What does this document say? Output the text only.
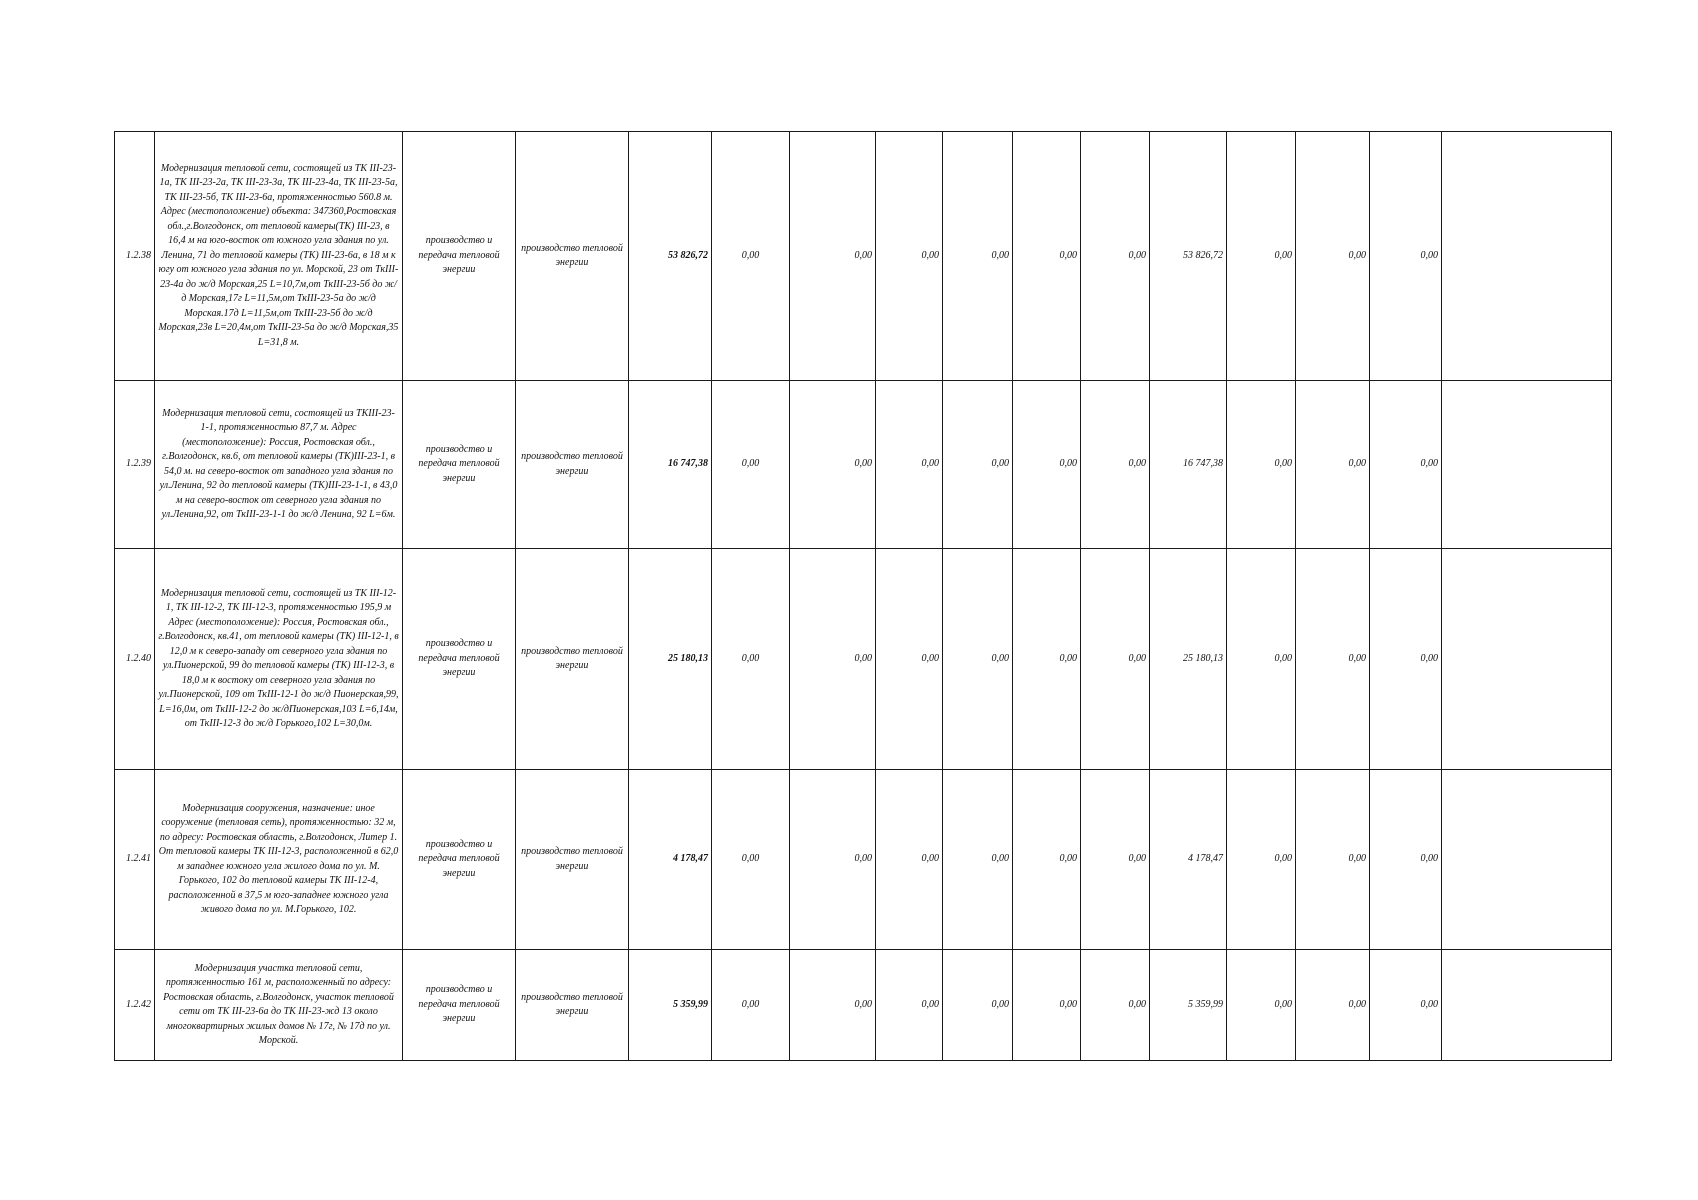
1.2.38	Модернизация тепловой сети, состоящей из ТК III-23-1а, ТК III-23-2а, ТК III-23-3а, ТК III-23-4а, ТК III-23-5а, ТК III-23-5б, ТК III-23-6а, протяженностью 560.8 м. Адрес (местоположение) объекта: 347360,Ростовская обл.,г.Волгодонск, от тепловой камеры(ТК) III-23, в 16,4 м на юго-восток от южного угла здания по ул. Ленина, 71 до тепловой камеры (ТК) III-23-6а, в 18 м к югу от южного угла здания по ул. Морской, 23 от ТкIII-23-4а до ж/д Морская,25 L=10,7м,от ТкIII-23-5б до ж/д Морская,17г L=11,5м,от ТкIII-23-5а до ж/д Морская.17д L=11,5м,от ТкIII-23-5б до ж/д Морская,23в L=20,4м,от ТкIII-23-5а до ж/д Морская,35 L=31,8 м.	производство и передача тепловой энергии	производство тепловой энергии	53 826,72	0,00	0,00	0,00	0,00	0,00	0,00	53 826,72	0,00	0,00	0,00	
1.2.39	Модернизация тепловой сети, состоящей из ТКIII-23-1-1, протяженностью 87,7 м. Адрес (местоположение): Россия, Ростовская обл., г.Волгодонск, кв.6, от тепловой камеры (ТК)III-23-1, в 54,0 м. на северо-восток от западного угла здания по ул.Ленина, 92 до тепловой камеры (ТК)III-23-1-1, в 43,0 м на северо-восток от северного угла здания по ул.Ленина,92, от ТкIII-23-1-1 до ж/д Ленина, 92 L=6м.	производство и передача тепловой энергии	производство тепловой энергии	16 747,38	0,00	0,00	0,00	0,00	0,00	0,00	16 747,38	0,00	0,00	0,00	
1.2.40	Модернизация тепловой сети, состоящей из ТК III-12-1, ТК III-12-2, ТК III-12-3, протяженностью 195,9 м Адрес (местоположение): Россия, Ростовская обл., г.Волгодонск, кв.41, от тепловой камеры (ТК) III-12-1, в 12,0 м к северо-западу от северного угла здания по ул.Пионерской, 99 до тепловой камеры (ТК) III-12-3, в 18,0 м к востоку от северного угла здания по ул.Пионерской, 109 от ТкIII-12-1 до ж/д Пионерская,99, L=16,0м, от ТкIII-12-2 до ж/дПионерская,103 L=6,14м, от ТкIII-12-3 до ж/д Горького,102 L=30,0м.	производство и передача тепловой энергии	производство тепловой энергии	25 180,13	0,00	0,00	0,00	0,00	0,00	0,00	25 180,13	0,00	0,00	0,00	
1.2.41	Модернизация сооружения, назначение: иное сооружение (тепловая сеть), протяженностью: 32 м, по адресу: Ростовская область, г.Волгодонск, Литер 1. От тепловой камеры ТК III-12-3, расположенной в 62,0 м западнее южного угла жилого дома по ул. М. Горького, 102 до тепловой камеры ТК III-12-4, расположенной в 37,5 м юго-западнее южного угла живого дома по ул. М.Горького, 102.	производство и передача тепловой энергии	производство тепловой энергии	4 178,47	0,00	0,00	0,00	0,00	0,00	0,00	4 178,47	0,00	0,00	0,00	
1.2.42	Модернизация участка тепловой сети, протяженностью 161 м, расположенный по адресу: Ростовская область, г.Волгодонск, участок тепловой сети от ТК III-23-6а до ТК III-23-жд 13 около многоквартирных жилых домов № 17г, № 17д по ул. Морской.	производство и передача тепловой энергии	производство тепловой энергии	5 359,99	0,00	0,00	0,00	0,00	0,00	0,00	5 359,99	0,00	0,00	0,00	
